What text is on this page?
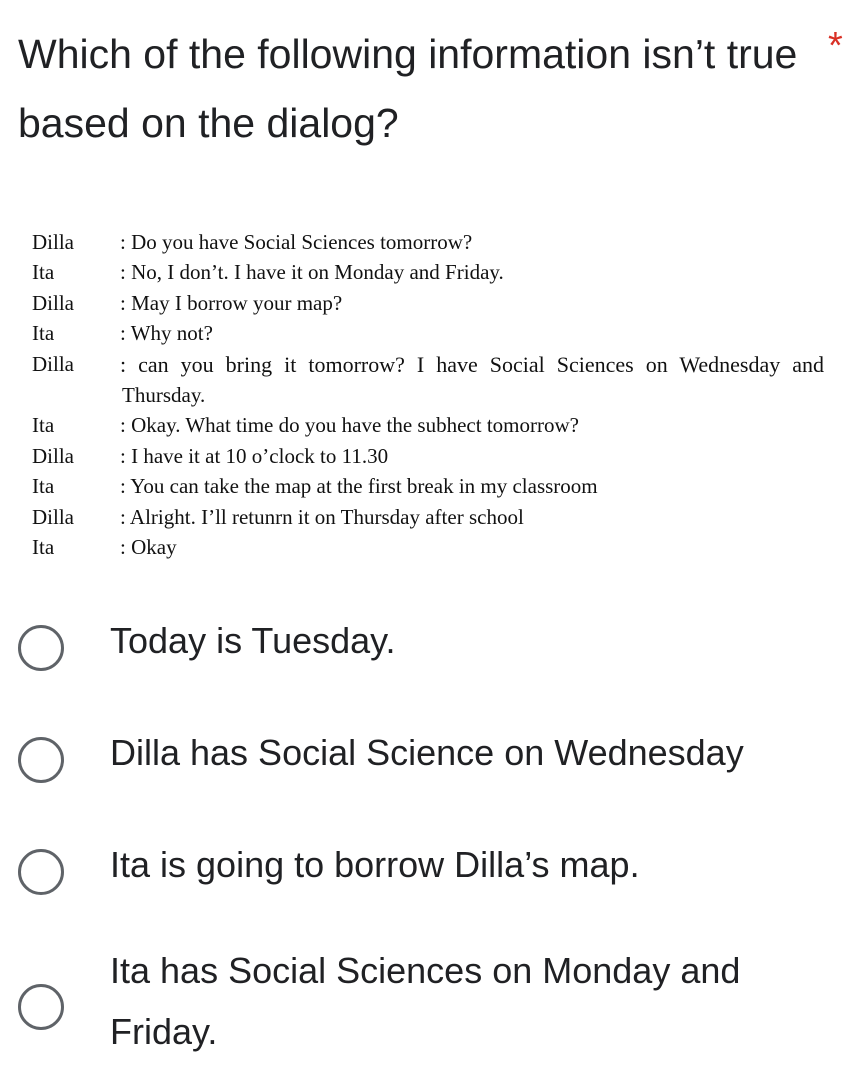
Which of the following information isn’t true based on the dialog?
*
Dilla : Do you have Social Sciences tomorrow?
Ita	: No, I don’t. I have it on Monday and Friday.
Dilla : May I borrow your map?
Ita	: Why not?
Dilla : can you bring it tomorrow? I have Social Sciences on Wednesday and
Thursday.
Ita	: Okay. What time do you have the subhect tomorrow?
Dilla : I have it at 10 o’clock to 11.30
Ita	: You can take the map at the first break in my classroom
Dilla : Alright. I’ll retunrn it on Thursday after school
Ita	: Okay
Today is Tuesday.
Dilla has Social Science on Wednesday
Ita is going to borrow Dilla’s map.
Ita has Social Sciences on Monday and Friday.
